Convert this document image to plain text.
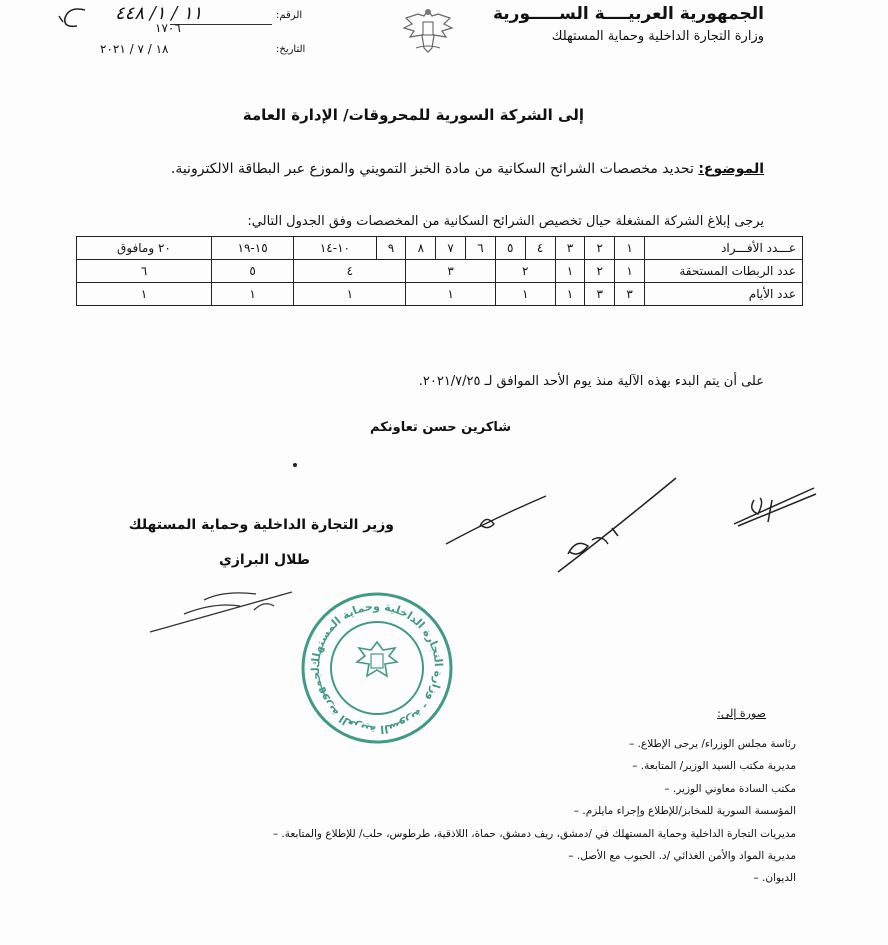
الجمهورية العربيــــة الســـــورية
وزارة التجارة الداخلية وحماية المستهلك
الرقم:
١١ / ١/ ٤٤٨
١٧٠٦
التاريخ:
١٨ / ٧ / ٢٠٢١
إلى الشركة السورية للمحروقات/ الإدارة العامة
الموضوع: تحديد مخصصات الشرائح السكانية من مادة الخبز التمويني والموزع عبر البطاقة الالكترونية.
يرجى إبلاغ الشركة المشغلة حيال تخصيص الشرائح السكانية من المخصصات وفق الجدول التالي:
عـــدد الأفـــراد	١	٢	٣	٤	٥	٦	٧	٨	٩	١٠-١٤	١٥-١٩	٢٠ ومافوق
عدد الربطات المستحقة	١	٢	١	٢		٣			٤		٥	٦
عدد الأيام	٣	٣	١	١		١			١		١	١
على أن يتم البدء بهذه الآلية منذ يوم الأحد الموافق لـ ٢٠٢١/٧/٢٥.
شاكرين حسن تعاونكم
وزير التجارة الداخلية وحماية المستهلك
طلال البرازي
لجمهورية العربية السورية - وزارة التجارة الداخلية وحماية المستهلك
صورة إلى:
رئاسة مجلس الوزراء/ يرجى الإطلاع. –
مديرية مكتب السيد الوزير/ المتابعة. –
مكتب السادة معاوني الوزير. –
المؤسسة السورية للمخابز/للإطلاع وإجراء مايلزم. –
مديريات التجارة الداخلية وحماية المستهلك في /دمشق، ريف دمشق، حماة، اللاذقية، طرطوس، حلب/ للإطلاع والمتابعة. –
مديرية المواد والأمن الغذائي /د. الحبوب مع الأصل. –
الديوان. –
